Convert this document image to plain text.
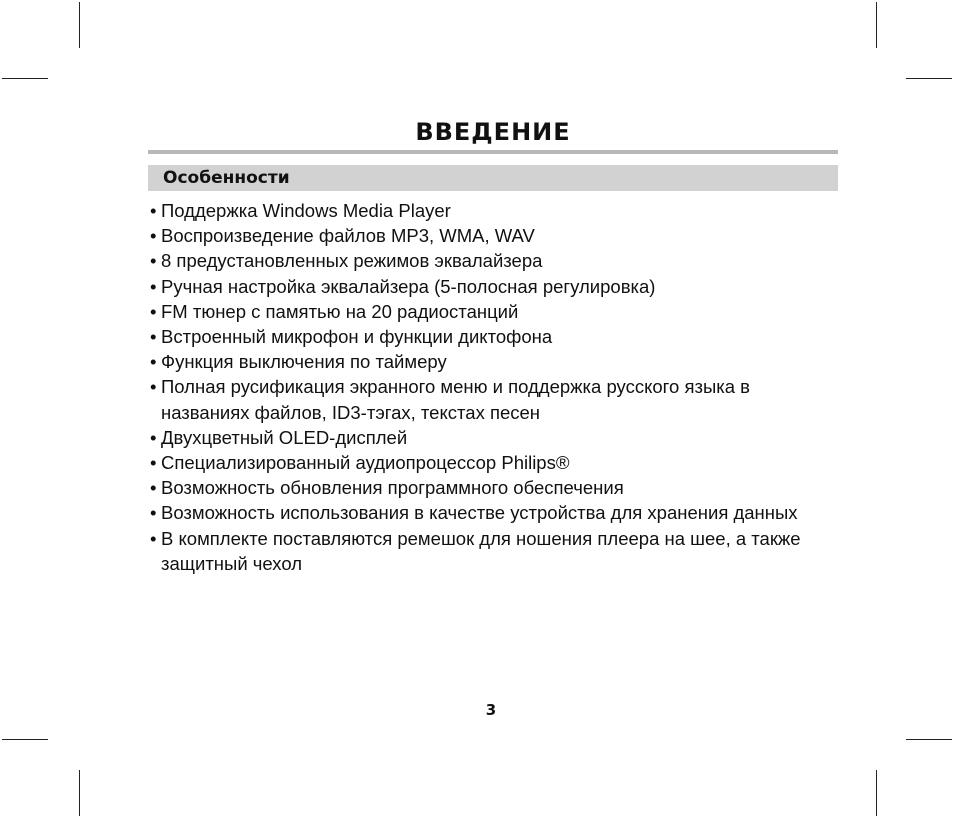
ВВЕДЕНИЕ
Особенности
• Поддержка Windows Media Player
• Воспроизведение файлов MP3, WMA, WAV
• 8 предустановленных режимов эквалайзера
• Ручная настройка эквалайзера (5-полосная регулировка)
• FM тюнер с памятью на 20 радиостанций
• Встроенный микрофон и функции диктофона
• Функция выключения по таймеру
• Полная русификация экранного меню и поддержка русского языка в названиях файлов, ID3-тэгах, текстах песен
• Двухцветный OLED-дисплей
• Специализированный аудиопроцессор Philips®
• Возможность обновления программного обеспечения
• Возможность использования в качестве устройства для хранения данных
• В комплекте поставляются ремешок для ношения плеера на шее, а также защитный чехол
3
